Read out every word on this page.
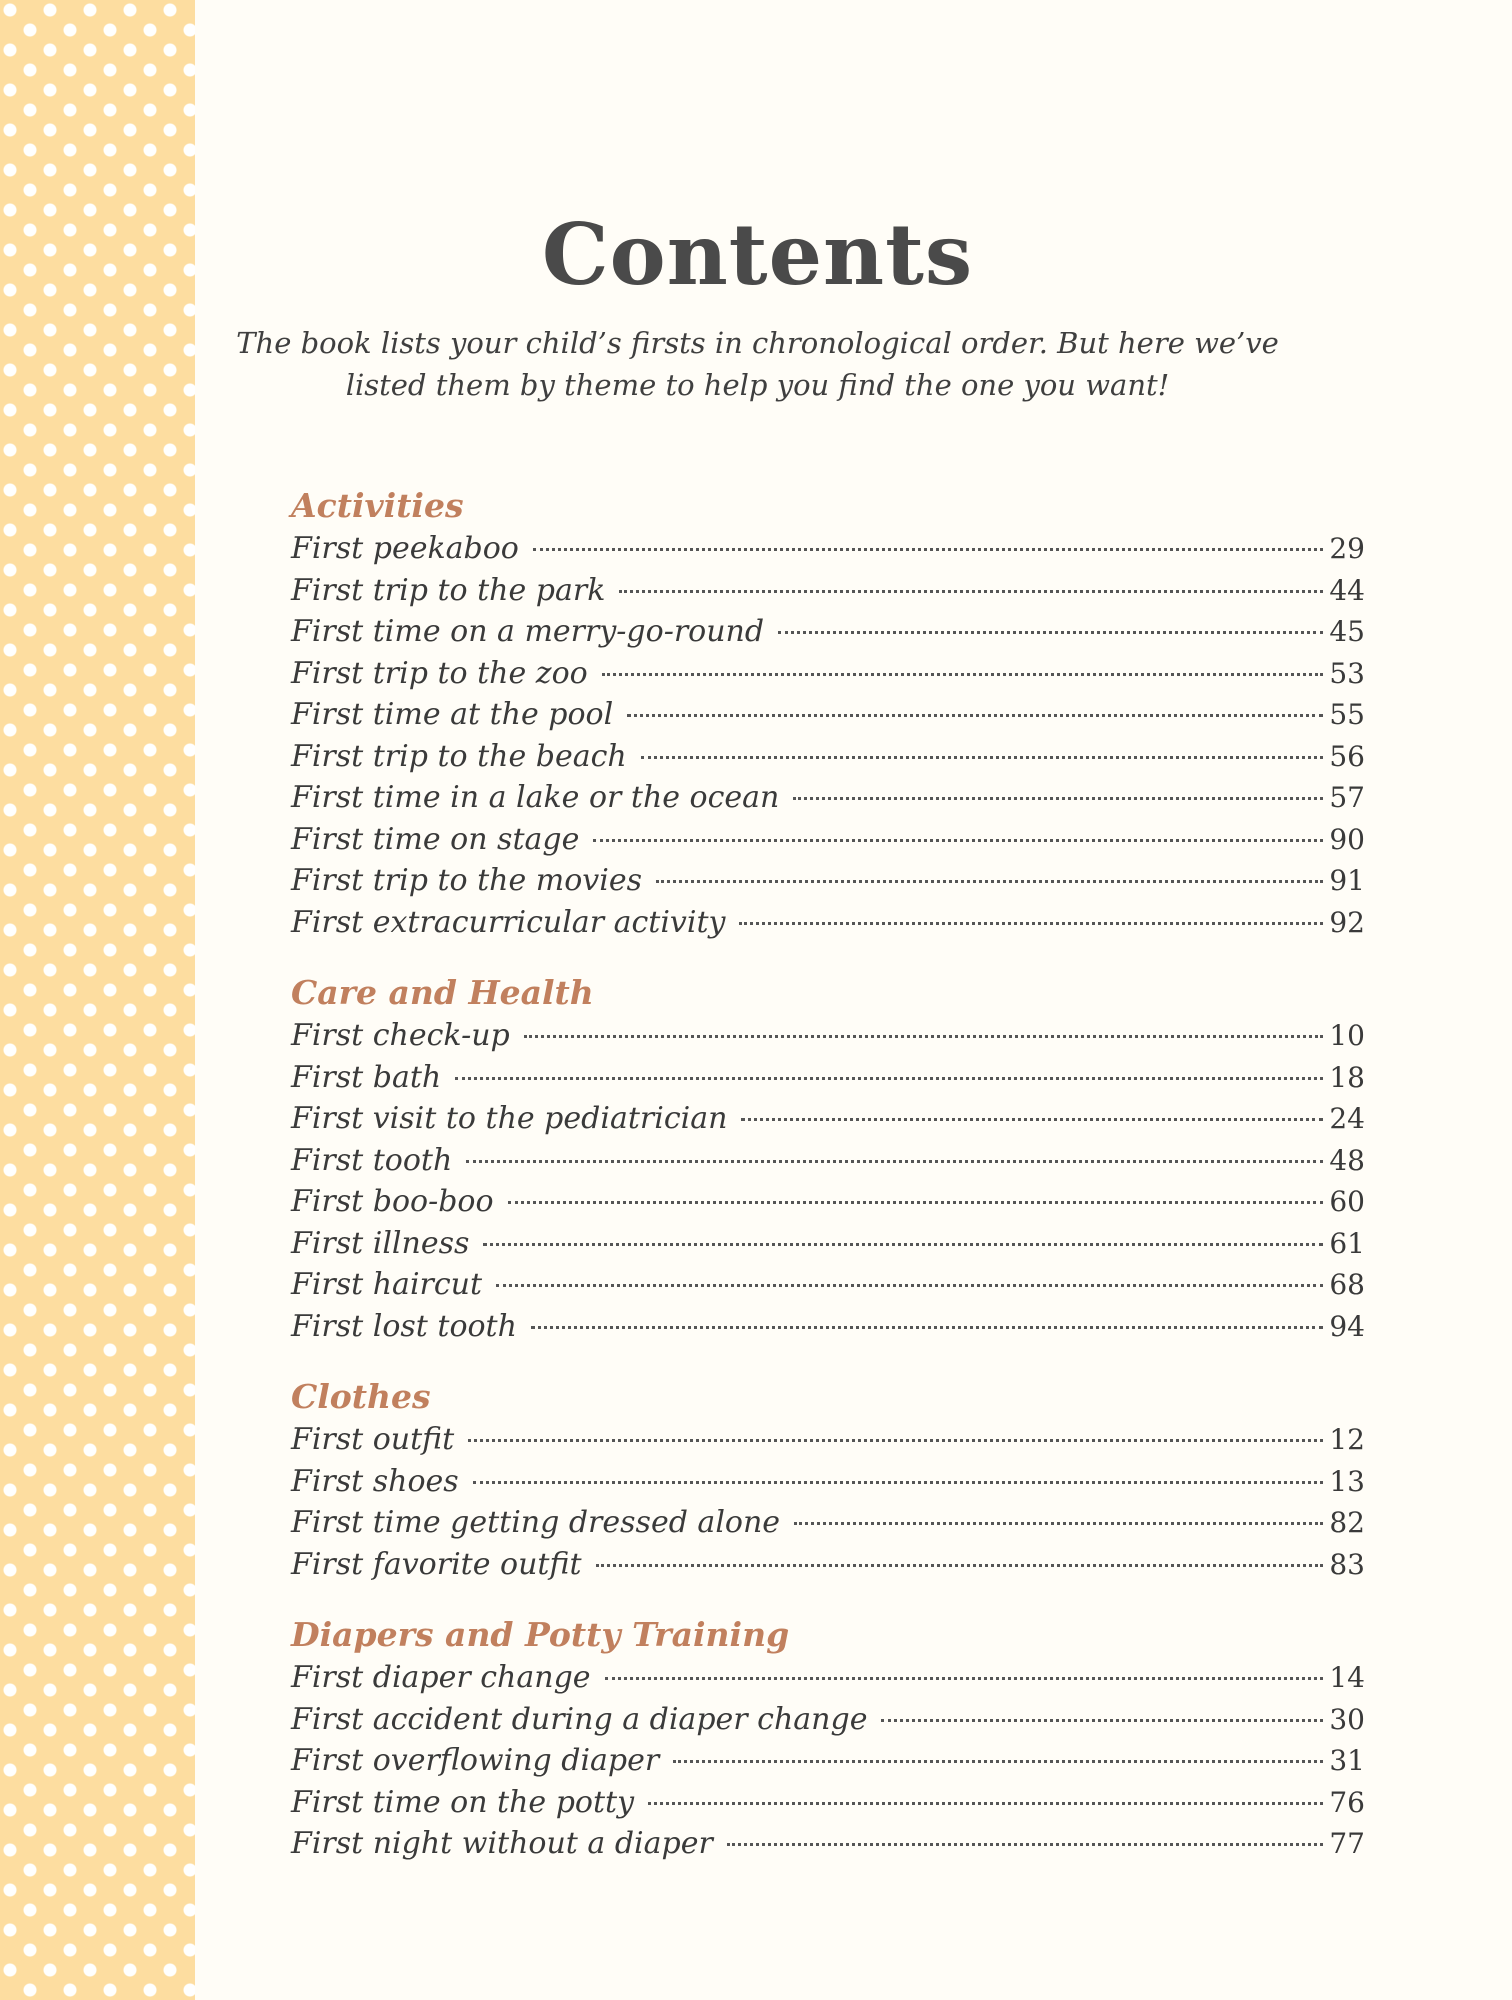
Contents

The book lists your child’s firsts in chronological order. But here we’ve listed them by theme to help you find the one you want!

Activities
First peekaboo	29
First trip to the park	44
First time on a merry-go-round	45
First trip to the zoo	53
First time at the pool	55
First trip to the beach	56
First time in a lake or the ocean	57
First time on stage	90
First trip to the movies	91
First extracurricular activity	92
Care and Health
First check-up	10
First bath	18
First visit to the pediatrician	24
First tooth	48
First boo-boo	60
First illness	61
First haircut	68
First lost tooth	94
Clothes
First outfit	12
First shoes	13
First time getting dressed alone	82
First favorite outfit	83
Diapers and Potty Training
First diaper change	14
First accident during a diaper change	30
First overflowing diaper	31
First time on the potty	76
First night without a diaper	77
